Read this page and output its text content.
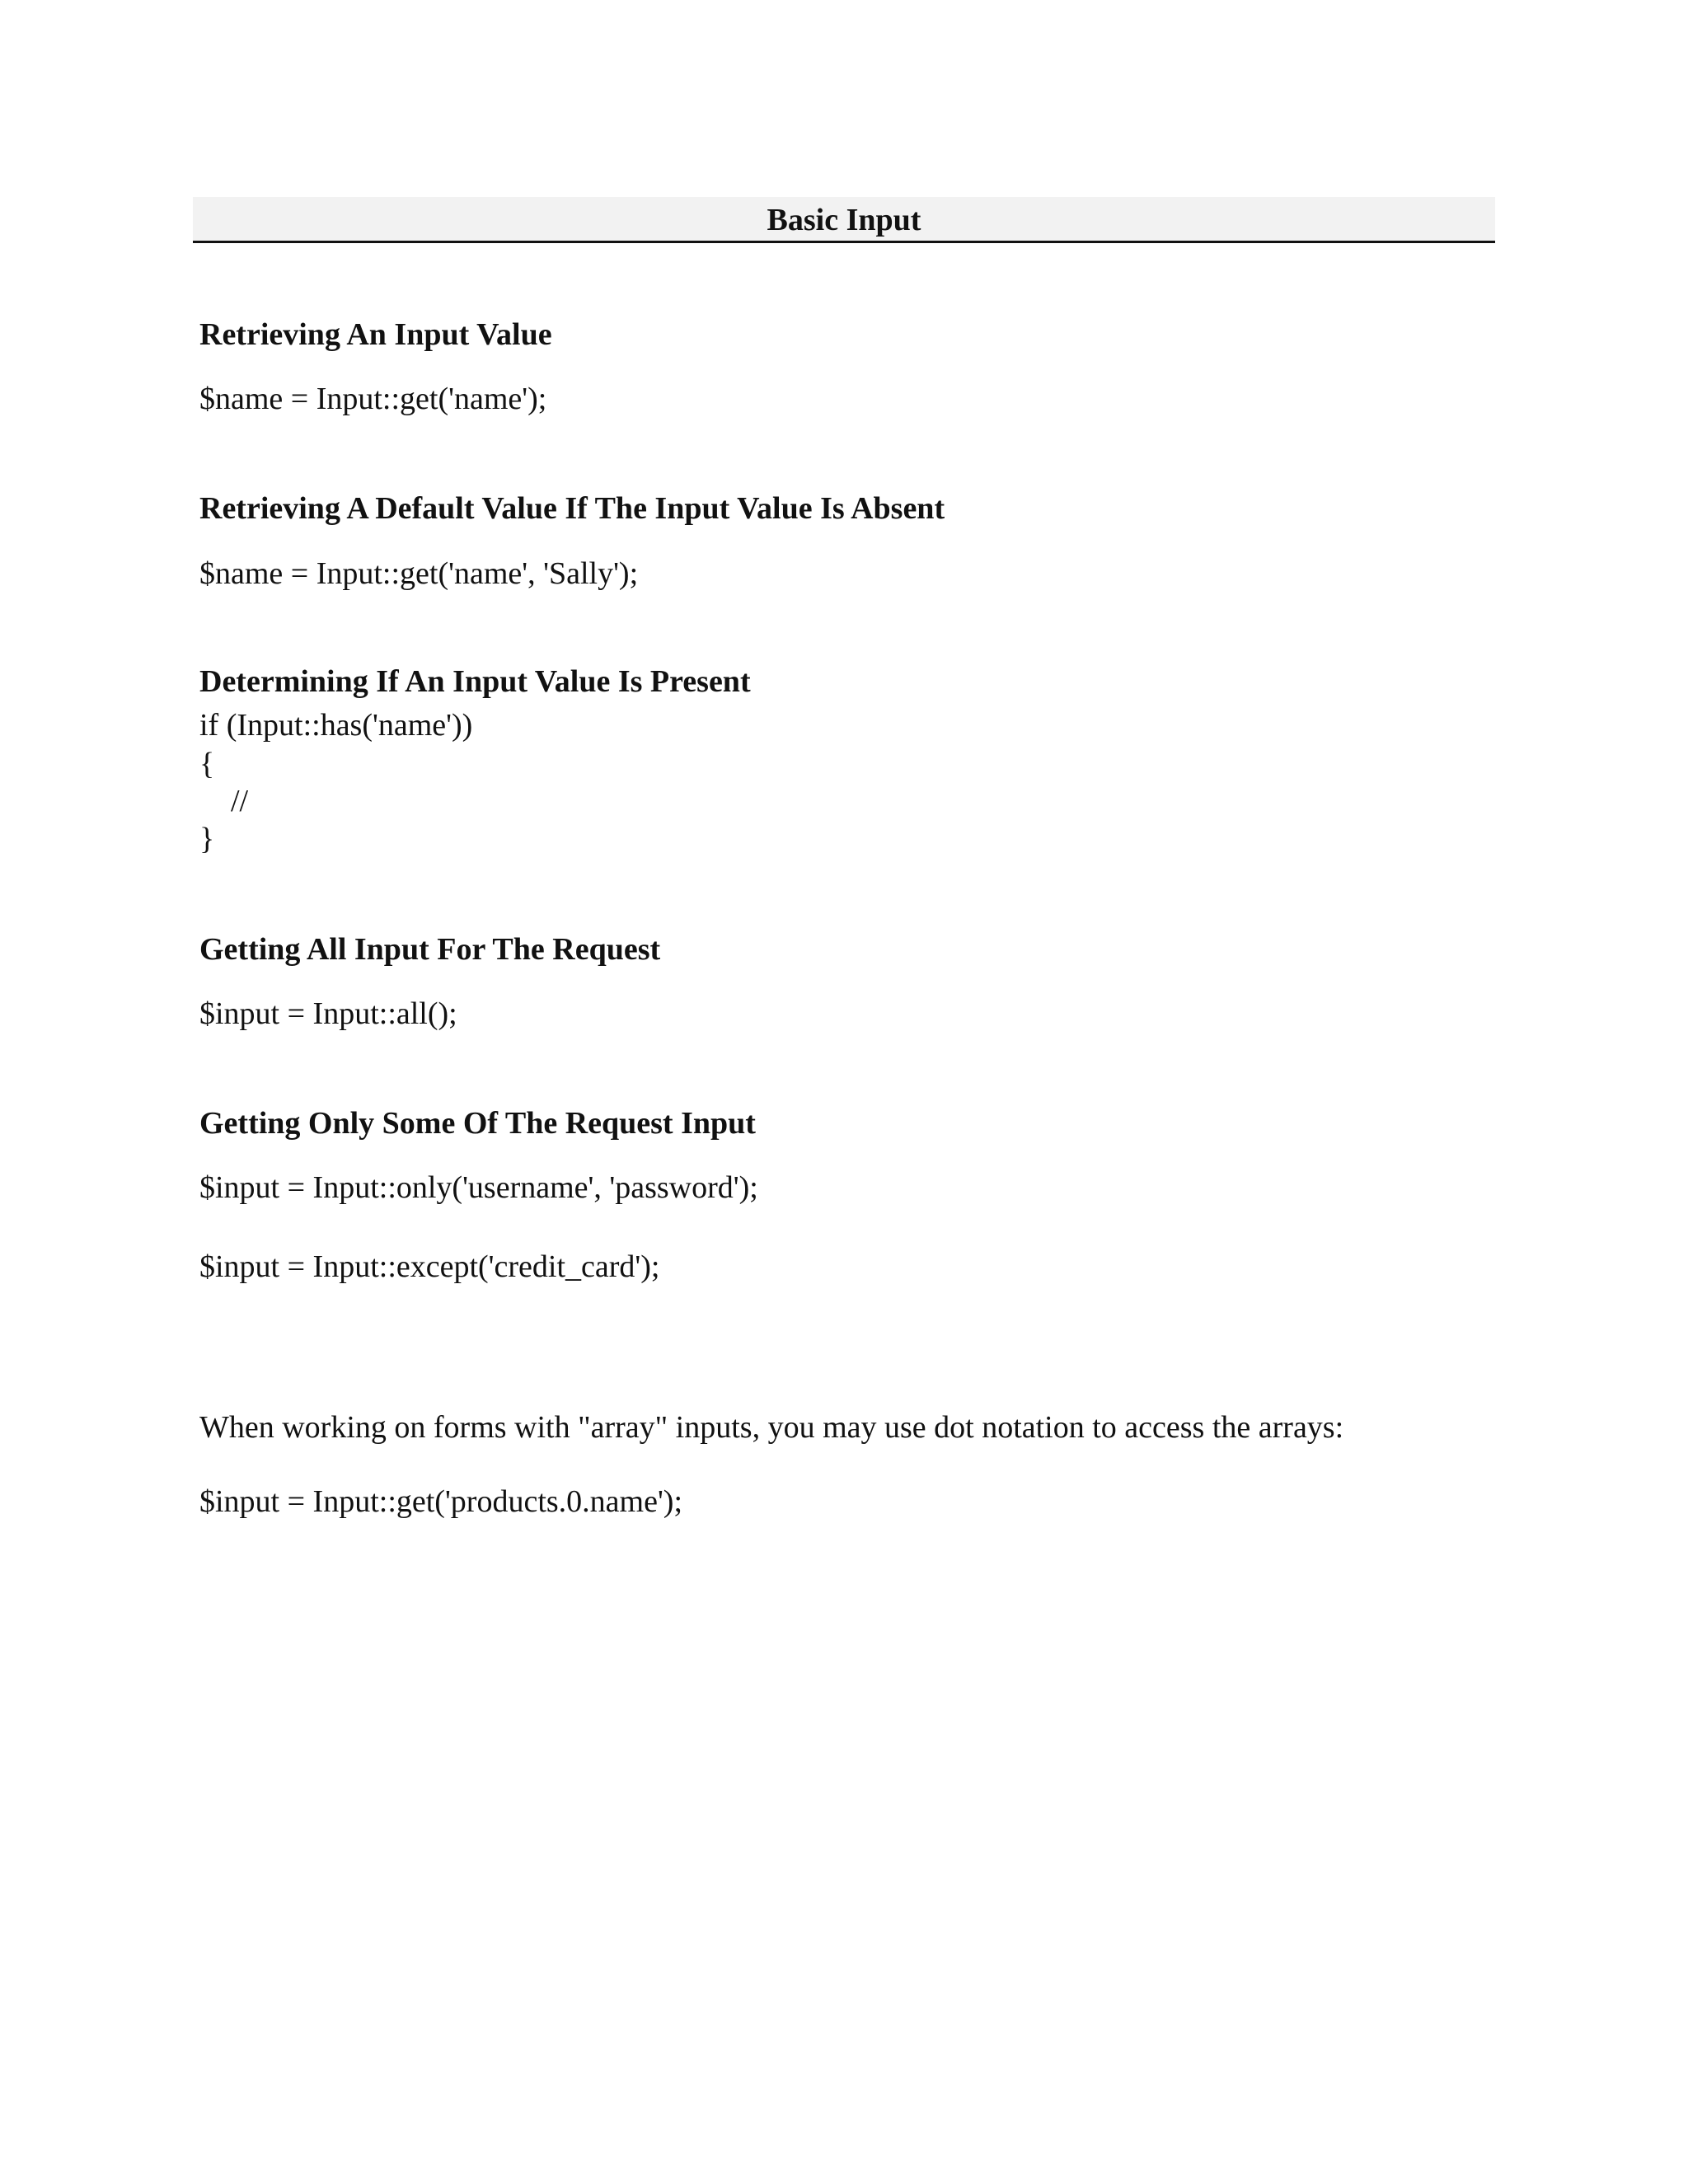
Basic Input
Retrieving An Input Value
$name = Input::get('name');
Retrieving A Default Value If The Input Value Is Absent
$name = Input::get('name', 'Sally');
Determining If An Input Value Is Present
if (Input::has('name'))
{
//
}
Getting All Input For The Request
$input = Input::all();
Getting Only Some Of The Request Input
$input = Input::only('username', 'password');
$input = Input::except('credit_card');
When working on forms with "array" inputs, you may use dot notation to access the arrays:
$input = Input::get('products.0.name');
